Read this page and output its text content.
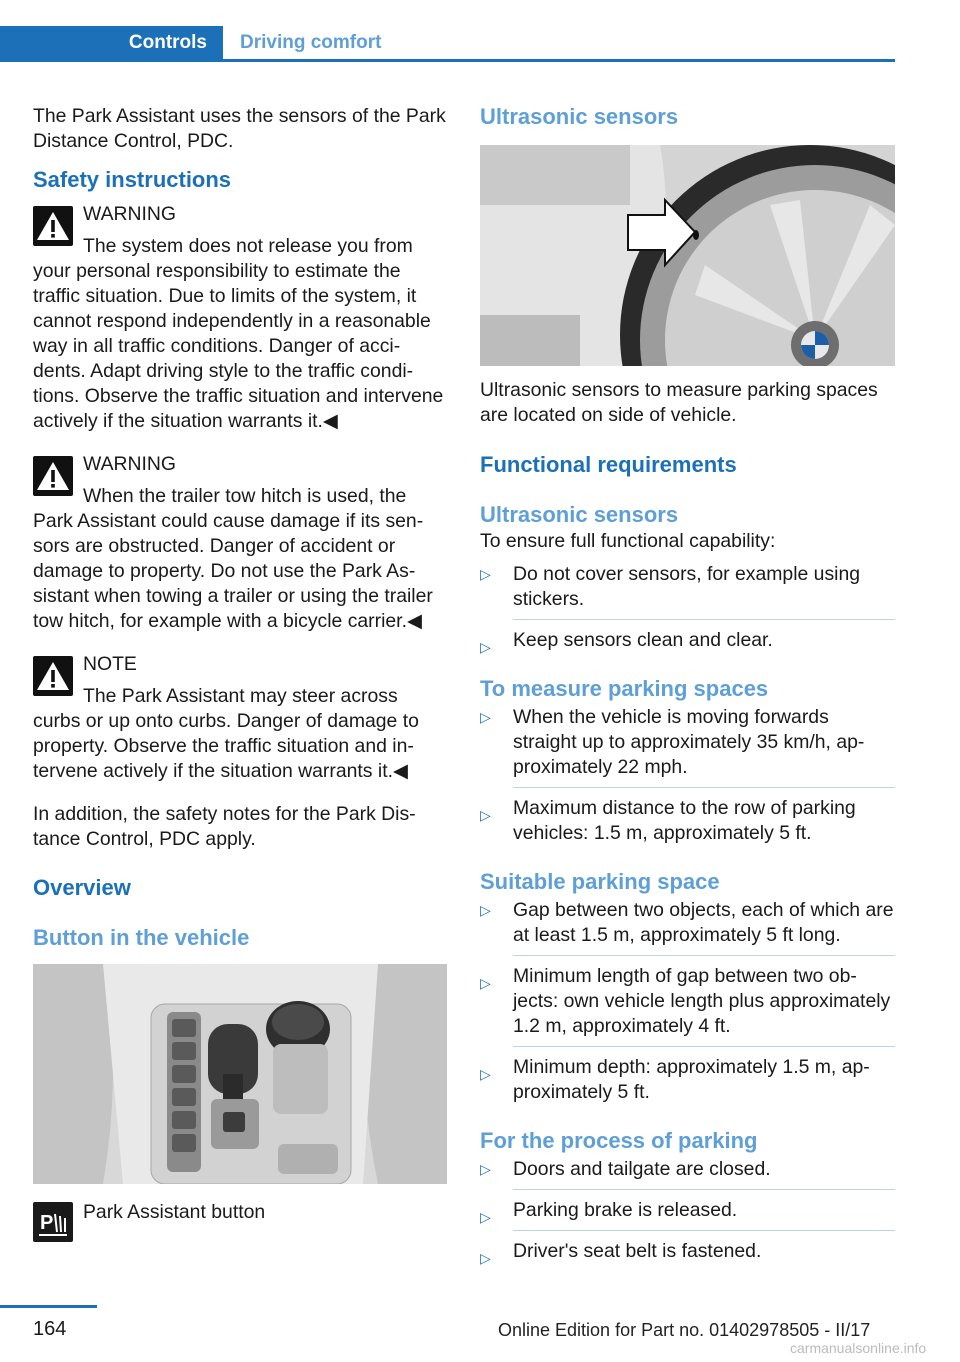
Controls	Driving comfort

The Park Assistant uses the sensors of the Park Distance Control, PDC.

Safety instructions

WARNING

The system does not release you from

your personal responsibility to estimate the traffic situation. Due to limits of the system, it cannot respond independently in a reasonable way in all traffic conditions. Danger of accidents. Adapt driving style to the traffic conditions. Observe the traffic situation and intervene actively if the situation warrants it.◀

WARNING

When the trailer tow hitch is used, the

Park Assistant could cause damage if its sensors are obstructed. Danger of accident or damage to property. Do not use the Park Assistant when towing a trailer or using the trailer tow hitch, for example with a bicycle carrier.◀

NOTE

The Park Assistant may steer across

curbs or up onto curbs. Danger of damage to property. Observe the traffic situation and intervene actively if the situation warrants it.◀

In addition, the safety notes for the Park Distance Control, PDC apply.

Overview

Button in the vehicle

P	Park Assistant button

Ultrasonic sensors

Ultrasonic sensors to measure parking spaces are located on side of vehicle.

Functional requirements

Ultrasonic sensors

To ensure full functional capability:

▷ Do not cover sensors, for example using stickers.
▷ Keep sensors clean and clear.

To measure parking spaces

▷ When the vehicle is moving forwards straight up to approximately 35 km/h, approximately 22 mph.
▷ Maximum distance to the row of parking vehicles: 1.5 m, approximately 5 ft.

Suitable parking space

▷ Gap between two objects, each of which are at least 1.5 m, approximately 5 ft long.
▷ Minimum length of gap between two objects: own vehicle length plus approximately 1.2 m, approximately 4 ft.
▷ Minimum depth: approximately 1.5 m, approximately 5 ft.

For the process of parking

▷ Doors and tailgate are closed.
▷ Parking brake is released.
▷ Driver's seat belt is fastened.
164	Online Edition for Part no. 01402978505 - II/17
carmanualsonline.info
